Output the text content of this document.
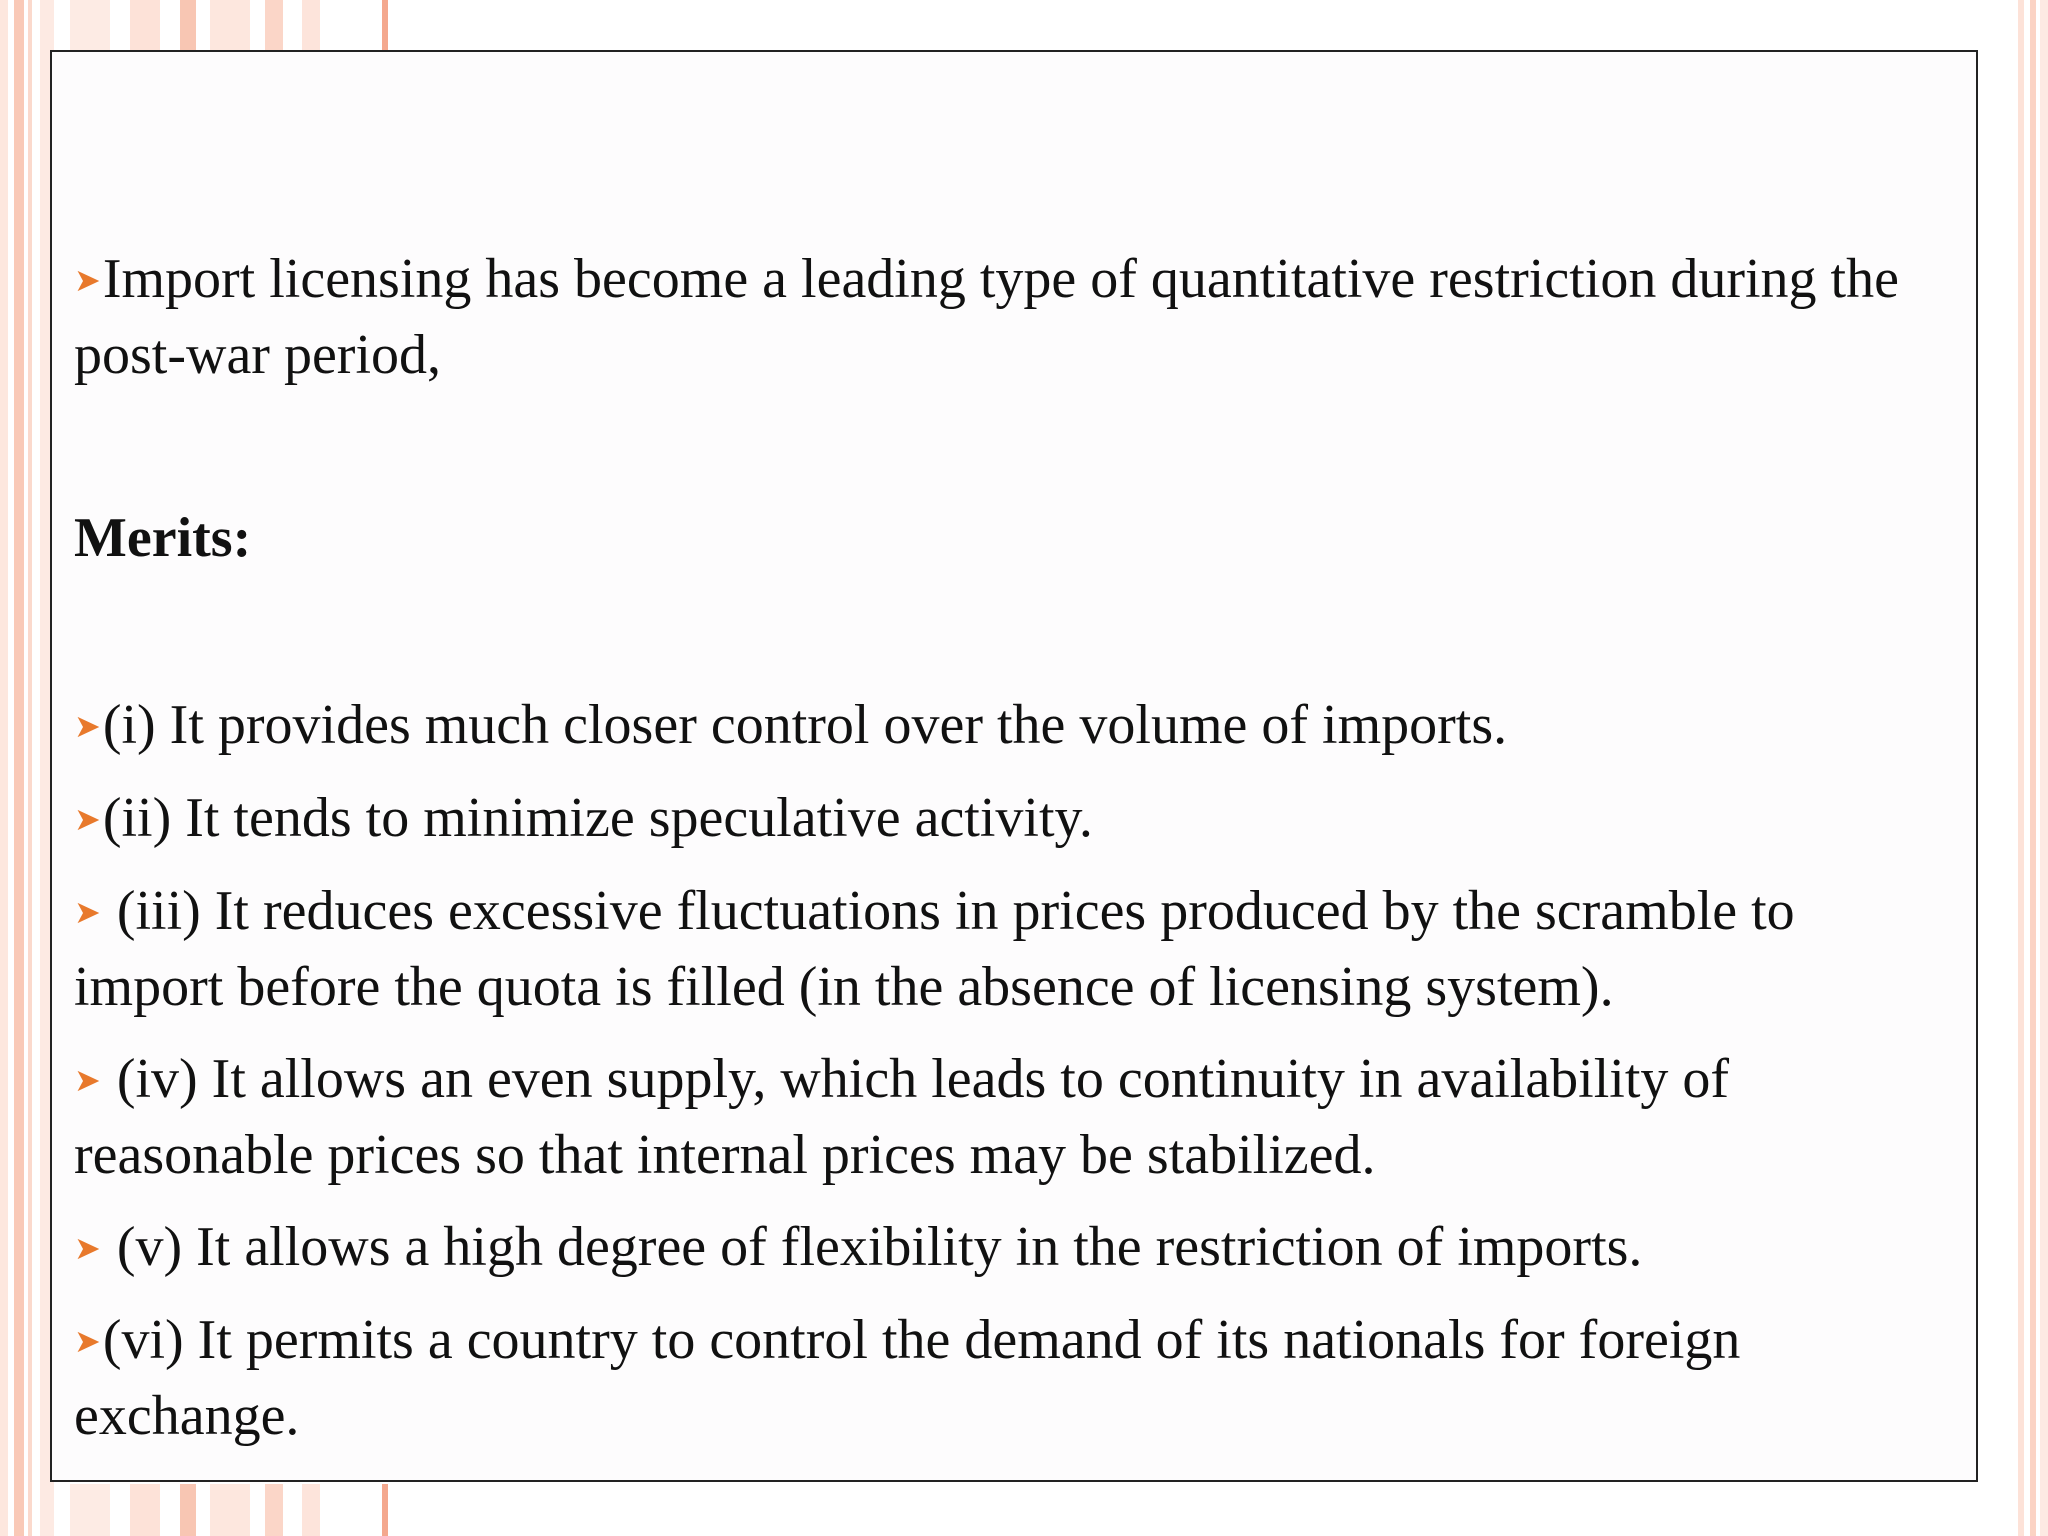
➤Import licensing has become a leading type of quantitative restriction during the post-war period,

Merits:

➤(i) It provides much closer control over the volume of imports.

➤(ii) It tends to minimize speculative activity.

➤ (iii) It reduces excessive fluctuations in prices produced by the scramble to import before the quota is filled (in the absence of licensing system).

➤ (iv) It allows an even supply, which leads to continuity in availability of reasonable prices so that internal prices may be stabilized.

➤ (v) It allows a high degree of flexibility in the restriction of imports.

➤(vi) It permits a country to control the demand of its nationals for foreign exchange.
